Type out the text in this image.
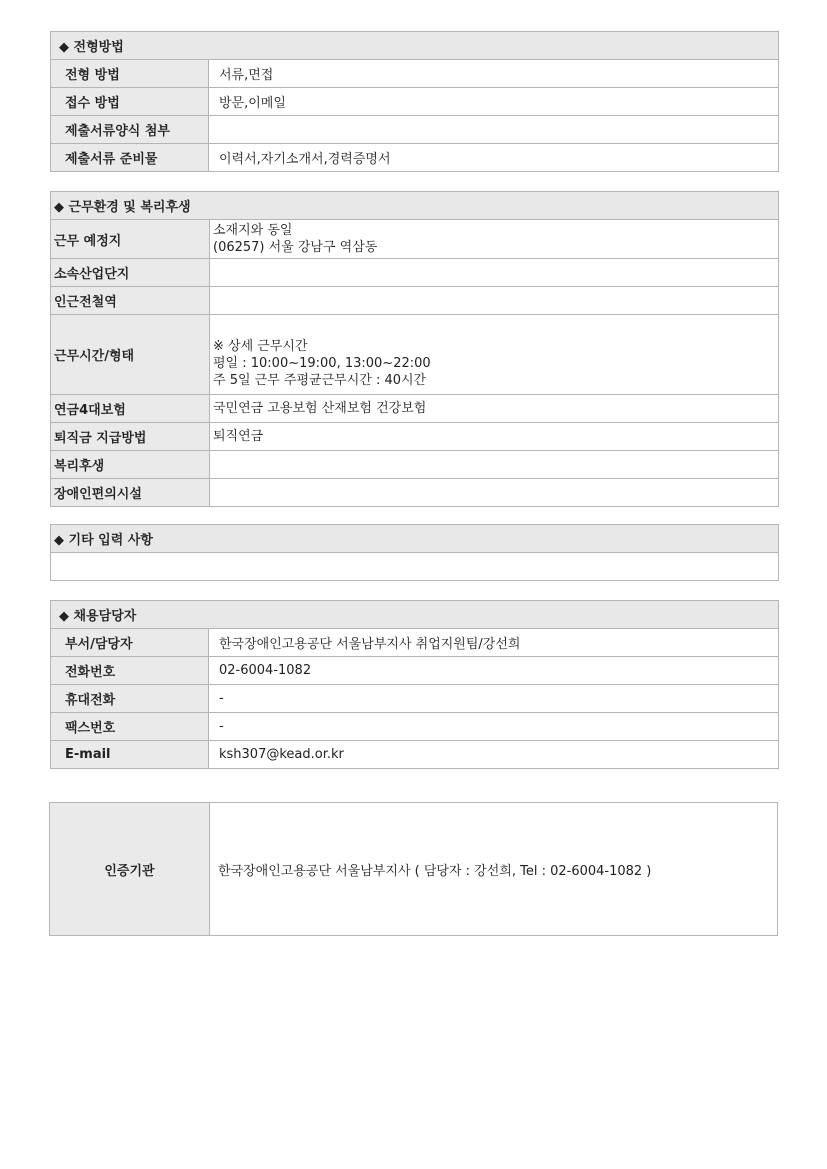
◆ 전형방법	
전형 방법	서류,면접
접수 방법	방문,이메일
제출서류양식 첨부	
제출서류 준비물	이력서,자기소개서,경력증명서
◆ 근무환경 및 복리후생	
근무 예정지	소재지와 동일
(06257) 서울 강남구 역삼동

소속산업단지	
인근전철역	
근무시간/형태	※ 상세 근무시간
평일 : 10:00~19:00, 13:00~22:00
주 5일 근무 주평균근무시간 : 40시간

연금4대보험	국민연금 고용보험 산재보험 건강보험
퇴직금 지급방법	퇴직연금
복리후생	
장애인편의시설	
◆ 기타 입력 사항

◆ 채용담당자	
부서/담당자	한국장애인고용공단 서울남부지사 취업지원팀/강선희
전화번호	02-6004-1082
휴대전화	-
팩스번호	-
E-mail	ksh307@kead.or.kr
인증기관	한국장애인고용공단 서울남부지사 ( 담당자 : 강선희, Tel : 02-6004-1082 )
